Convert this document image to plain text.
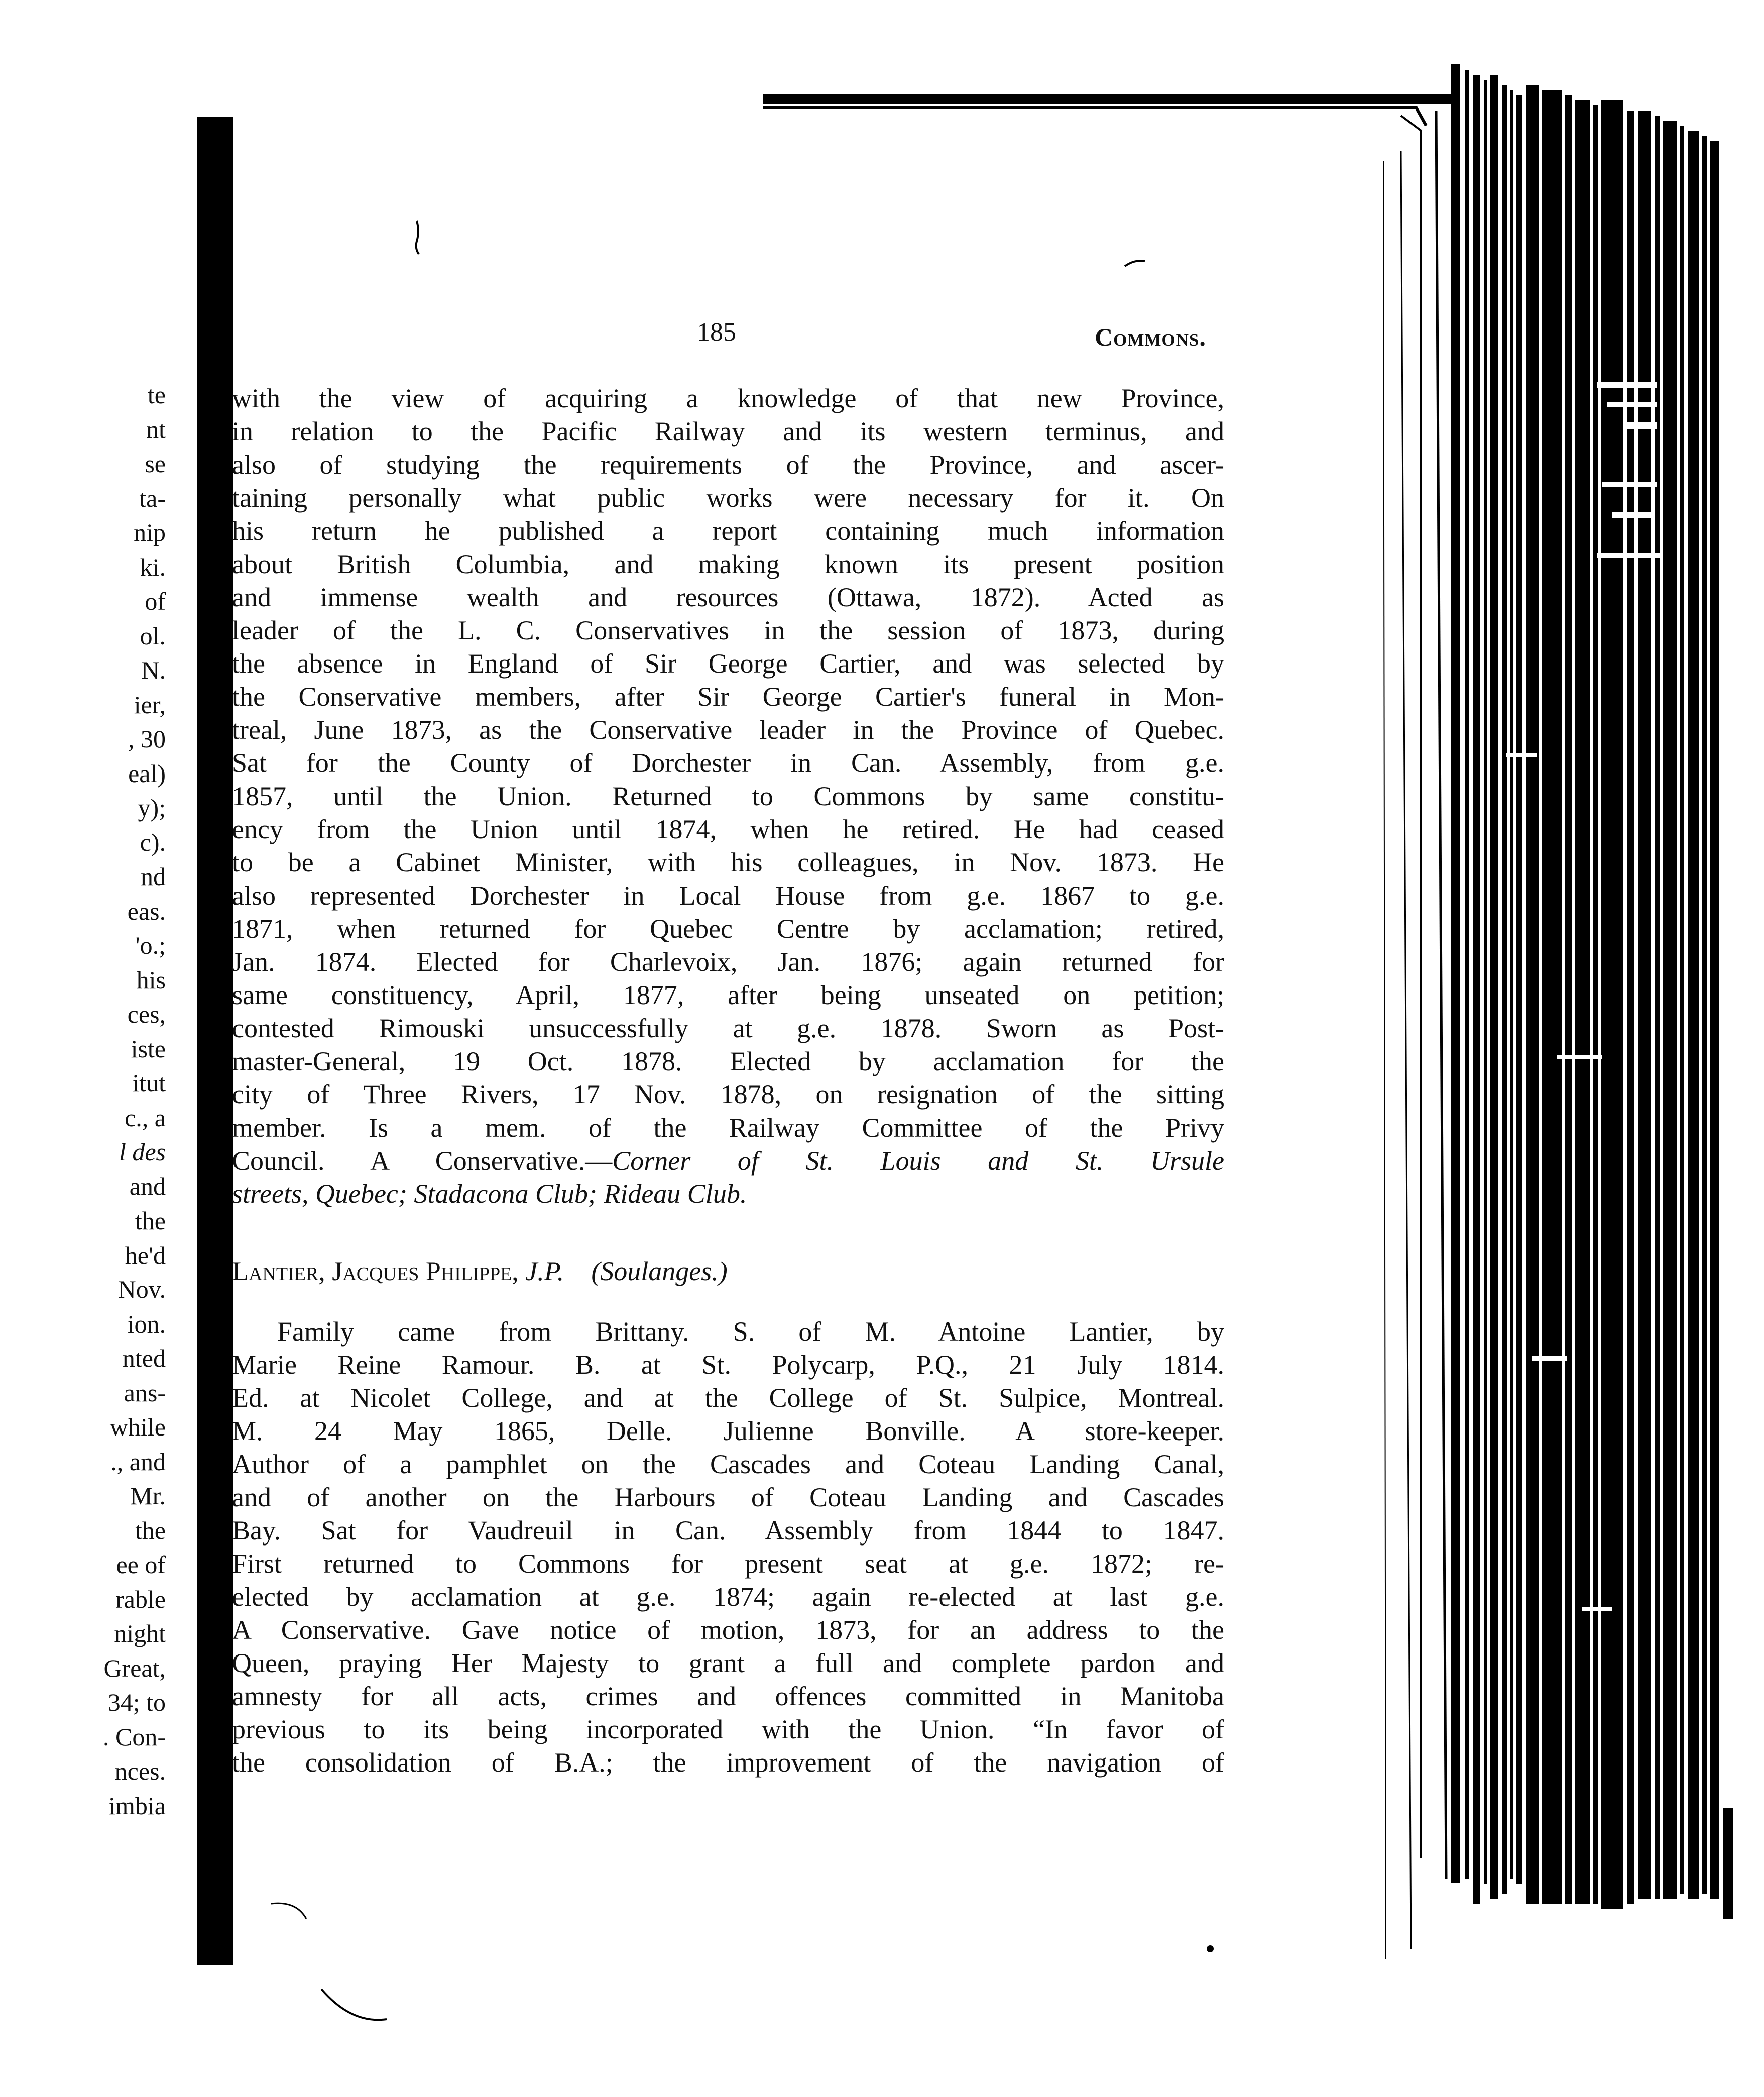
te
nt
se
ta-
nip
ki.
of
ol.
N.
ier,
, 30
eal)
y);
c).
nd
eas.
'o.;
his
ces,
iste
itut
c., a
l des
and
the
he'd
Nov.
ion.
nted
ans-
while
., and
Mr.
the
ee of
rable
night
Great,
34; to
. Con-
nces.
imbia
185	Commons.
with the view of acquiring a knowledge of that new Province,
in relation to the Pacific Railway and its western terminus, and
also of studying the requirements of the Province, and ascer-
taining personally what public works were necessary for it. On
his return he published a report containing much information
about British Columbia, and making known its present position
and immense wealth and resources (Ottawa, 1872). Acted as
leader of the L. C. Conservatives in the session of 1873, during
the absence in England of Sir George Cartier, and was selected by
the Conservative members, after Sir George Cartier's funeral in Mon-
treal, June 1873, as the Conservative leader in the Province of Quebec.
Sat for the County of Dorchester in Can. Assembly, from g.e.
1857, until the Union. Returned to Commons by same constitu-
ency from the Union until 1874, when he retired. He had ceased
to be a Cabinet Minister, with his colleagues, in Nov. 1873. He
also represented Dorchester in Local House from g.e. 1867 to g.e.
1871, when returned for Quebec Centre by acclamation; retired,
Jan. 1874. Elected for Charlevoix, Jan. 1876; again returned for
same constituency, April, 1877, after being unseated on petition;
contested Rimouski unsuccessfully at g.e. 1878. Sworn as Post-
master-General, 19 Oct. 1878. Elected by acclamation for the
city of Three Rivers, 17 Nov. 1878, on resignation of the sitting
member. Is a mem. of the Railway Committee of the Privy
Council. A Conservative.—Corner of St. Louis and St. Ursule
streets, Quebec; Stadacona Club; Rideau Club.
Lantier, Jacques Philippe, J.P. (Soulanges.)
Family came from Brittany. S. of M. Antoine Lantier, by
Marie Reine Ramour. B. at St. Polycarp, P.Q., 21 July 1814.
Ed. at Nicolet College, and at the College of St. Sulpice, Montreal.
M. 24 May 1865, Delle. Julienne Bonville. A store-keeper.
Author of a pamphlet on the Cascades and Coteau Landing Canal,
and of another on the Harbours of Coteau Landing and Cascades
Bay. Sat for Vaudreuil in Can. Assembly from 1844 to 1847.
First returned to Commons for present seat at g.e. 1872; re-
elected by acclamation at g.e. 1874; again re-elected at last g.e.
A Conservative. Gave notice of motion, 1873, for an address to the
Queen, praying Her Majesty to grant a full and complete pardon and
amnesty for all acts, crimes and offences committed in Manitoba
previous to its being incorporated with the Union. “In favor of
the consolidation of B.A.; the improvement of the navigation of
